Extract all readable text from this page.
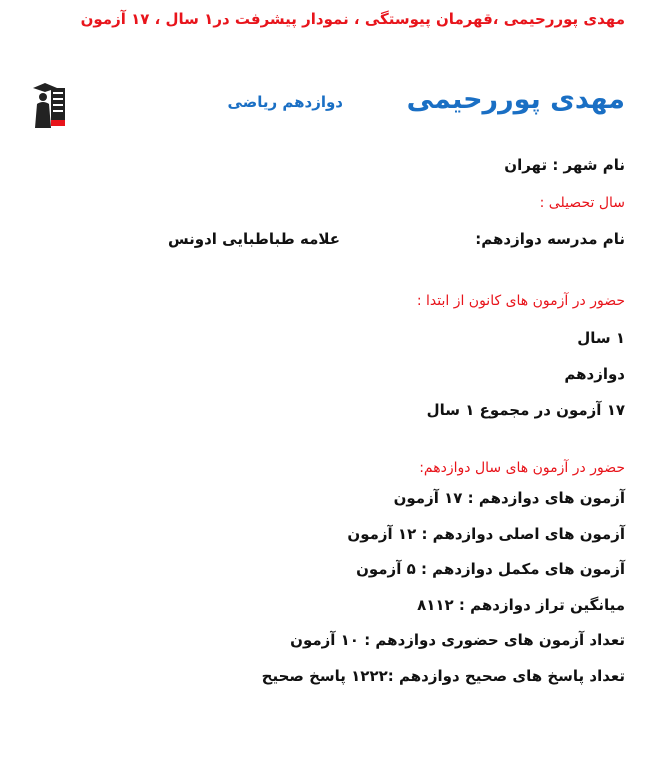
مهدی پوررحیمی ،قهرمان پیوستگی ، نمودار پیشرفت در۱ سال ، ۱۷ آزمون
مهدی پوررحیمی
دوازدهم ریاضی
نام شهر : تهران
سال تحصیلی :
نام مدرسه دوازدهم:
علامه طباطبایی ادونس
حضور در آزمون های کانون از ابتدا :
۱ سال
دوازدهم
۱۷ آزمون در مجموع ۱ سال
حضور در آزمون های سال دوازدهم:
آزمون های دوازدهم : ۱۷ آزمون
آزمون های اصلی دوازدهم : ۱۲ آزمون
آزمون های مکمل دوازدهم : ۵ آزمون
میانگین تراز دوازدهم : ۸۱۱۲
تعداد آزمون های حضوری دوازدهم : ۱۰ آزمون
تعداد پاسخ های صحیح دوازدهم :۱۲۲۲ پاسخ صحیح
